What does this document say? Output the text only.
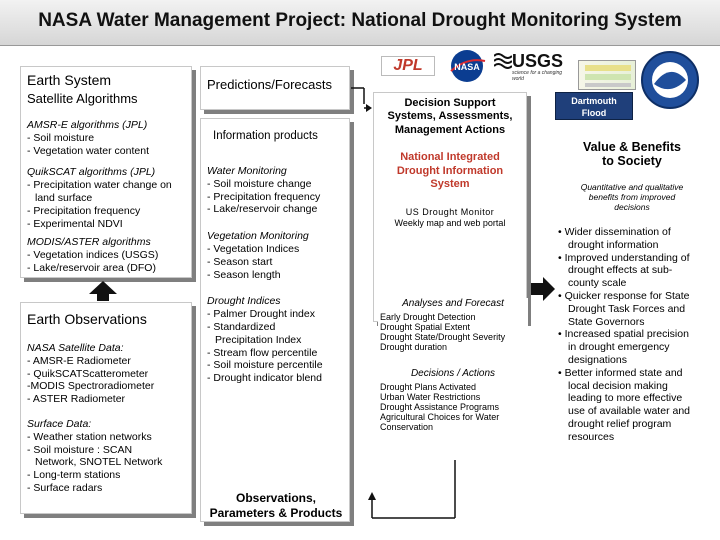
NASA Water Management Project: National Drought Monitoring System
Earth System
Satellite Algorithms
AMSR-E algorithms (JPL)
- Soil moisture
- Vegetation water content
QuikSCAT algorithms (JPL)
- Precipitation water change on
land surface
- Precipitation frequency
- Experimental NDVI
MODIS/ASTER algorithms
- Vegetation indices (USGS)
- Lake/reservoir area (DFO)
Earth Observations
NASA Satellite Data:
- AMSR-E Radiometer
- QuikSCATScatterometer
-MODIS Spectroradiometer
- ASTER Radiometer
Surface Data:
- Weather station networks
- Soil moisture : SCAN
Network, SNOTEL Network
- Long-term stations
- Surface radars
Predictions/Forecasts
Information products
Water Monitoring
- Soil moisture change
- Precipitation frequency
- Lake/reservoir change
Vegetation Monitoring
- Vegetation Indices
- Season start
- Season length
Drought Indices
- Palmer Drought index
- Standardized
Precipitation Index
- Stream flow percentile
- Soil moisture percentile
- Drought indicator blend
Observations,
Parameters & Products
JPL	NASA	USGS
science for a changing world
Dartmouth
Flood Observatory
Decision Support
Systems, Assessments,
Management Actions
National Integrated
Drought Information
System
US Drought Monitor
Weekly map and web portal
Analyses and Forecast
Early Drought Detection
Drought Spatial Extent
Drought State/Drought Severity
Drought duration
Decisions / Actions
Drought Plans Activated
Urban Water Restrictions
Drought Assistance Programs
Agricultural Choices for Water
Conservation
Value & Benefits
to Society
Quantitative and qualitative
benefits from improved
decisions
• Wider dissemination of
drought information
• Improved understanding of
drought effects at sub-
county scale
• Quicker response for State
Drought Task Forces and
State Governors
• Increased spatial precision
in drought emergency
designations
• Better informed state and
local decision making
leading to more effective
use of available water and
drought relief program
resources
